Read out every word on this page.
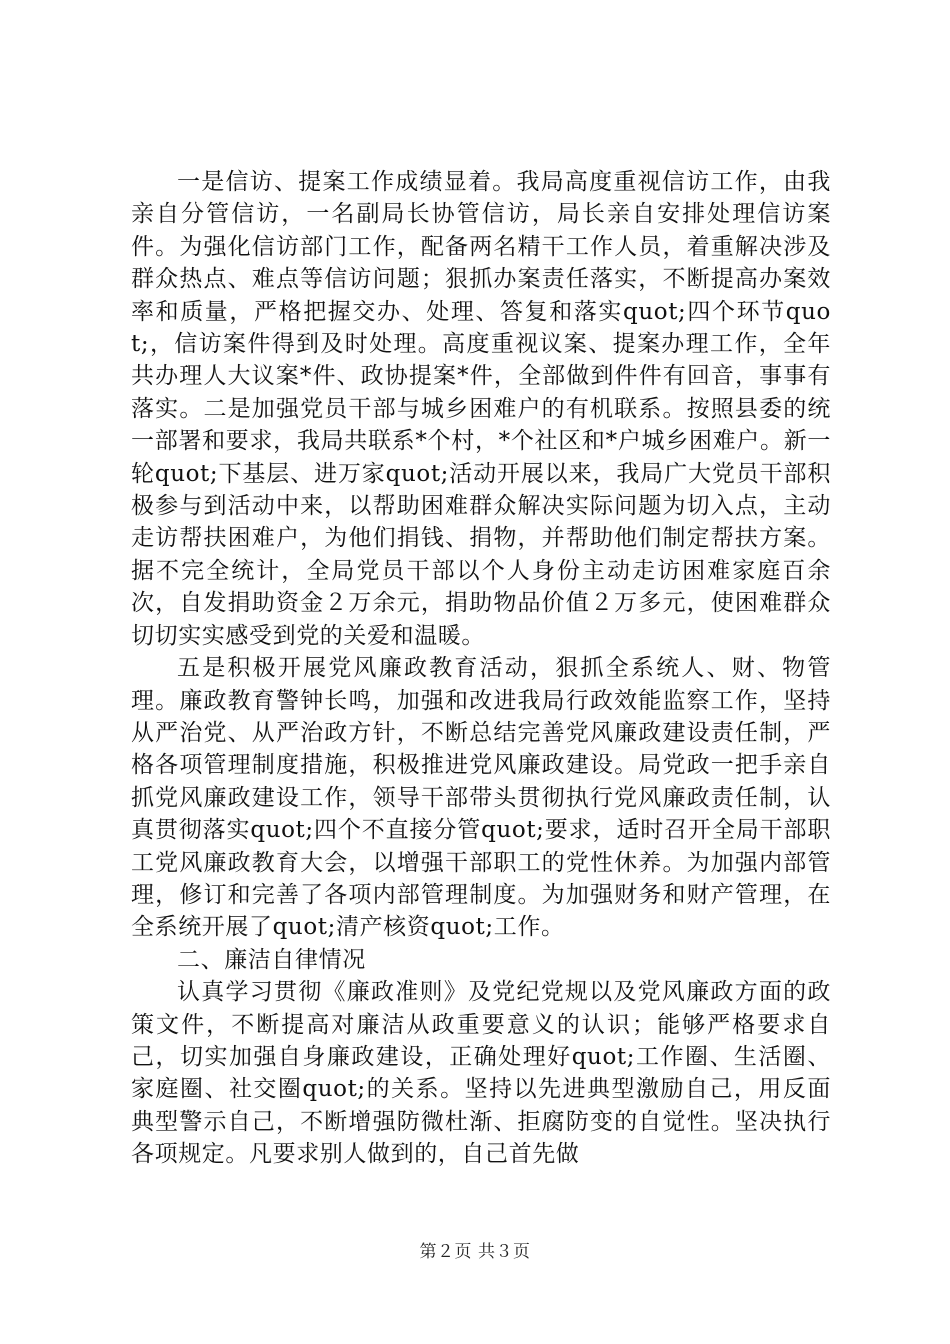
一是信访、提案工作成绩显着。我局高度重视信访工作，由我亲自分管信访，一名副局长协管信访，局长亲自安排处理信访案件。为强化信访部门工作，配备两名精干工作人员，着重解决涉及群众热点、难点等信访问题；狠抓办案责任落实，不断提高办案效率和质量，严格把握交办、处理、答复和落实quot;四个环节quot;，信访案件得到及时处理。高度重视议案、提案办理工作，全年共办理人大议案*件、政协提案*件，全部做到件件有回音，事事有落实。二是加强党员干部与城乡困难户的有机联系。按照县委的统一部署和要求，我局共联系*个村，*个社区和*户城乡困难户。新一轮quot;下基层、进万家quot;活动开展以来，我局广大党员干部积极参与到活动中来，以帮助困难群众解决实际问题为切入点，主动走访帮扶困难户，为他们捐钱、捐物，并帮助他们制定帮扶方案。据不完全统计，全局党员干部以个人身份主动走访困难家庭百余次，自发捐助资金２万余元，捐助物品价值２万多元，使困难群众切切实实感受到党的关爱和温暖。

五是积极开展党风廉政教育活动，狠抓全系统人、财、物管理。廉政教育警钟长鸣，加强和改进我局行政效能监察工作，坚持从严治党、从严治政方针，不断总结完善党风廉政建设责任制，严格各项管理制度措施，积极推进党风廉政建设。局党政一把手亲自抓党风廉政建设工作，领导干部带头贯彻执行党风廉政责任制，认真贯彻落实quot;四个不直接分管quot;要求，适时召开全局干部职工党风廉政教育大会，以增强干部职工的党性休养。为加强内部管理，修订和完善了各项内部管理制度。为加强财务和财产管理，在全系统开展了quot;清产核资quot;工作。

二、廉洁自律情况

认真学习贯彻《廉政准则》及党纪党规以及党风廉政方面的政策文件，不断提高对廉洁从政重要意义的认识；能够严格要求自己，切实加强自身廉政建设，正确处理好quot;工作圈、生活圈、家庭圈、社交圈quot;的关系。坚持以先进典型激励自己，用反面典型警示自己，不断增强防微杜渐、拒腐防变的自觉性。坚决执行各项规定。凡要求别人做到的，自己首先做

第２页 共３页
